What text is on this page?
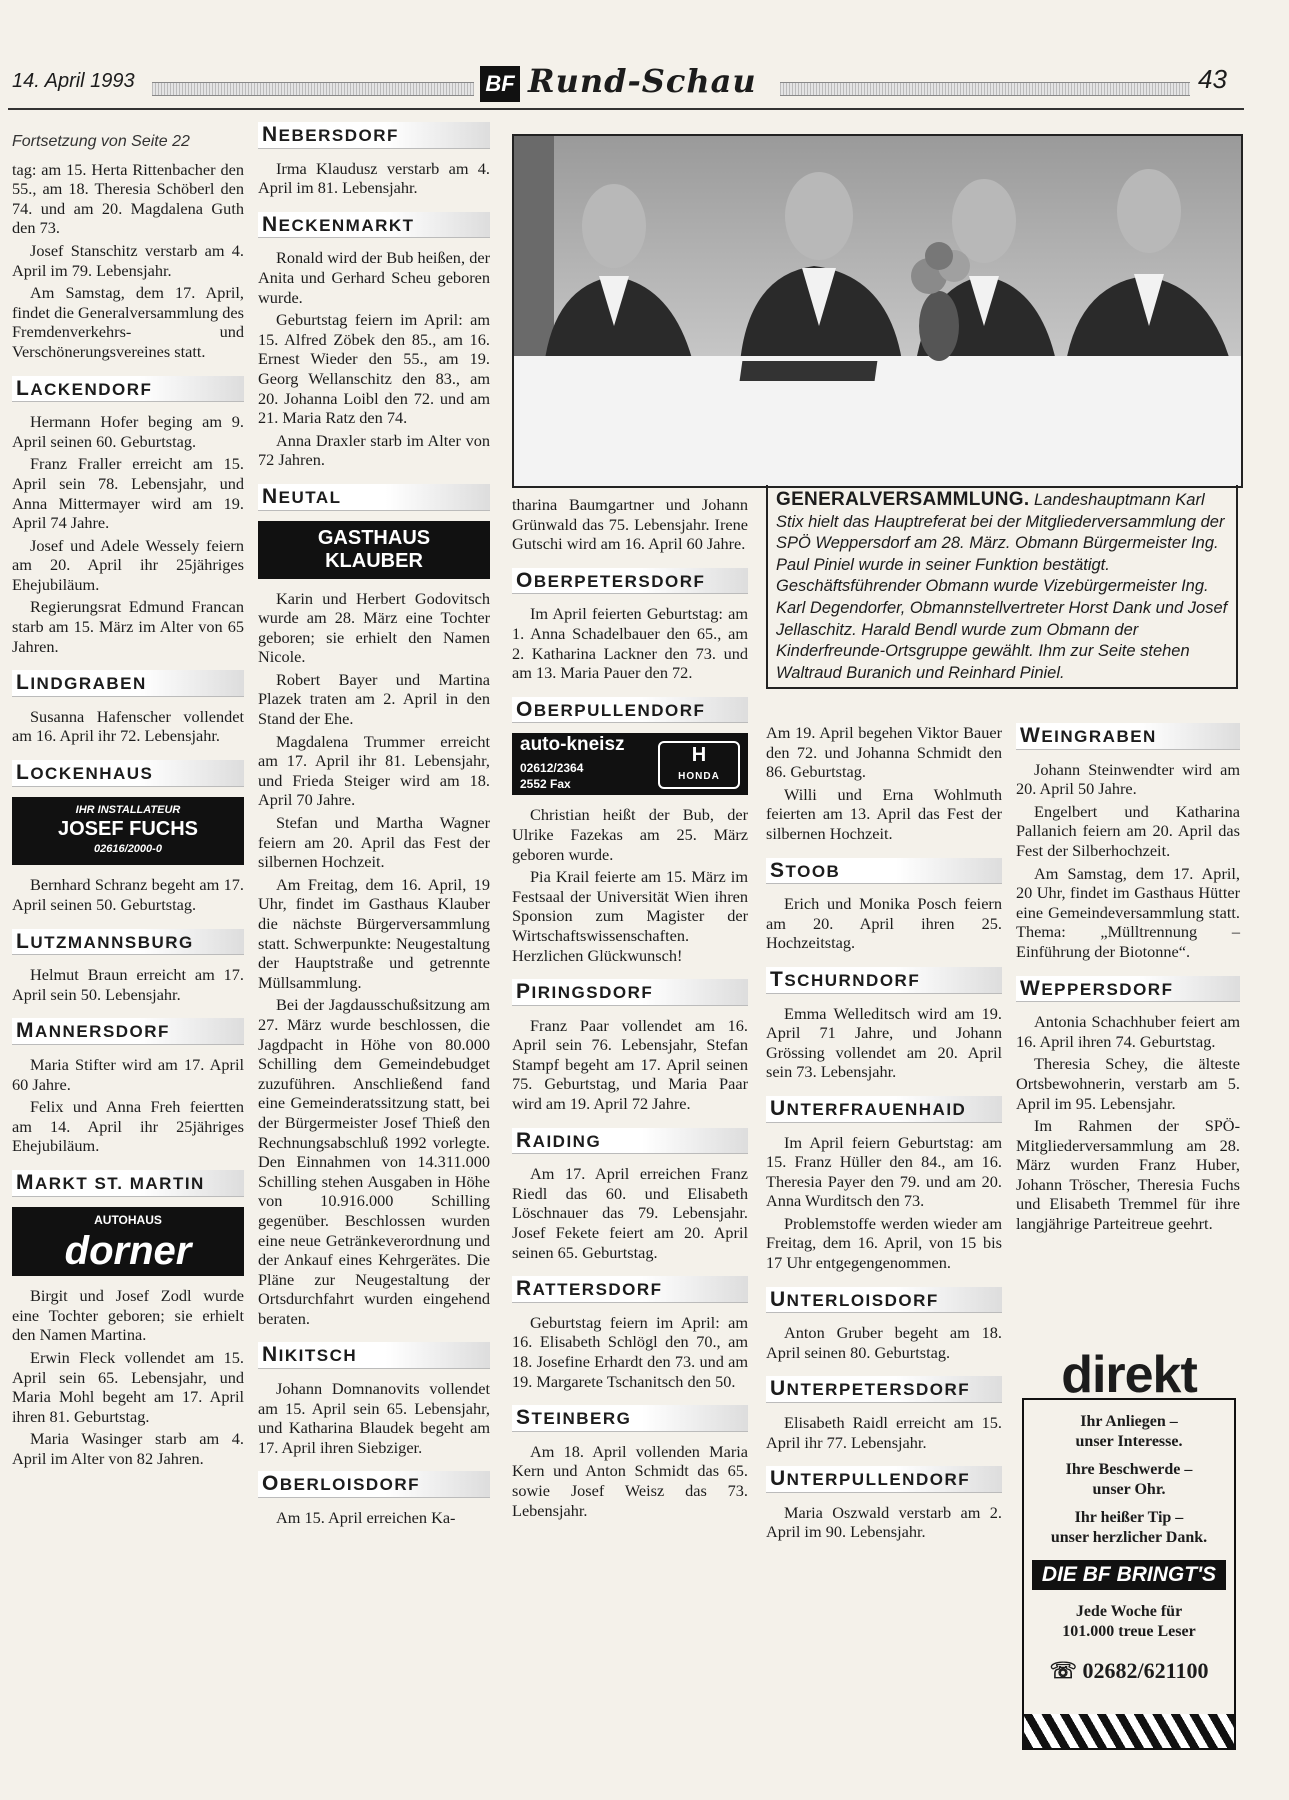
14. April 1993	BF Rund-Schau	43
Fortsetzung von Seite 22

tag: am 15. Herta Rittenbacher den 55., am 18. Theresia Schöberl den 74. und am 20. Magdalena Guth den 73.

Josef Stanschitz verstarb am 4. April im 79. Lebensjahr.

Am Samstag, dem 17. April, findet die Generalversammlung des Fremdenverkehrs- und Verschönerungsvereines statt.

LACKENDORF

Hermann Hofer beging am 9. April seinen 60. Geburtstag.

Franz Fraller erreicht am 15. April sein 78. Lebensjahr, und Anna Mittermayer wird am 19. April 74 Jahre.

Josef und Adele Wessely feiern am 20. April ihr 25jähriges Ehejubiläum.

Regierungsrat Edmund Francan starb am 15. März im Alter von 65 Jahren.

LINDGRABEN

Susanna Hafenscher vollendet am 16. April ihr 72. Lebensjahr.

LOCKENHAUS
IHR INSTALLATEUR
JOSEF FUCHS
02616/2000-0

Bernhard Schranz begeht am 17. April seinen 50. Geburtstag.

LUTZMANNSBURG

Helmut Braun erreicht am 17. April sein 50. Lebensjahr.

MANNERSDORF

Maria Stifter wird am 17. April 60 Jahre.

Felix und Anna Freh feiertten am 14. April ihr 25jähriges Ehejubiläum.

MARKT ST. MARTIN
AUTOHAUS
dorner

Birgit und Josef Zodl wurde eine Tochter geboren; sie erhielt den Namen Martina.

Erwin Fleck vollendet am 15. April sein 65. Lebensjahr, und Maria Mohl begeht am 17. April ihren 81. Geburtstag.

Maria Wasinger starb am 4. April im Alter von 82 Jahren.

NEBERSDORF

Irma Klaudusz verstarb am 4. April im 81. Lebensjahr.

NECKENMARKT

Ronald wird der Bub heißen, der Anita und Gerhard Scheu geboren wurde.

Geburtstag feiern im April: am 15. Alfred Zöbek den 85., am 16. Ernest Wieder den 55., am 19. Georg Wellanschitz den 83., am 20. Johanna Loibl den 72. und am 21. Maria Ratz den 74.

Anna Draxler starb im Alter von 72 Jahren.

NEUTAL
GASTHAUS
KLAUBER

Karin und Herbert Godovitsch wurde am 28. März eine Tochter geboren; sie erhielt den Namen Nicole.

Robert Bayer und Martina Plazek traten am 2. April in den Stand der Ehe.

Magdalena Trummer erreicht am 17. April ihr 81. Lebensjahr, und Frieda Steiger wird am 18. April 70 Jahre.

Stefan und Martha Wagner feiern am 20. April das Fest der silbernen Hochzeit.

Am Freitag, dem 16. April, 19 Uhr, findet im Gasthaus Klauber die nächste Bürgerversammlung statt. Schwerpunkte: Neugestaltung der Hauptstraße und getrennte Müllsammlung.

Bei der Jagdausschußsitzung am 27. März wurde beschlossen, die Jagdpacht in Höhe von 80.000 Schilling dem Gemeindebudget zuzuführen. Anschließend fand eine Gemeinderatssitzung statt, bei der Bürgermeister Josef Thieß den Rechnungsabschluß 1992 vorlegte. Den Einnahmen von 14.311.000 Schilling stehen Ausgaben in Höhe von 10.916.000 Schilling gegenüber. Beschlossen wurden eine neue Getränkeverordnung und der Ankauf eines Kehrgerätes. Die Pläne zur Neugestaltung der Ortsdurchfahrt wurden eingehend beraten.

NIKITSCH

Johann Domnanovits vollendet am 15. April sein 65. Lebensjahr, und Katharina Blaudek begeht am 17. April ihren Siebziger.

OBERLOISDORF

Am 15. April erreichen Ka-

GENERALVERSAMMLUNG. Landeshauptmann Karl Stix hielt das Hauptreferat bei der Mitgliederversammlung der SPÖ Weppersdorf am 28. März. Obmann Bürgermeister Ing. Paul Piniel wurde in seiner Funktion bestätigt. Geschäftsführender Obmann wurde Vizebürgermeister Ing. Karl Degendorfer, Obmannstellvertreter Horst Dank und Josef Jellaschitz. Harald Bendl wurde zum Obmann der Kinderfreunde-Ortsgruppe gewählt. Ihm zur Seite stehen Waltraud Buranich und Reinhard Piniel.

tharina Baumgartner und Johann Grünwald das 75. Lebensjahr. Irene Gutschi wird am 16. April 60 Jahre.

OBERPETERSDORF

Im April feierten Geburtstag: am 1. Anna Schadelbauer den 65., am 2. Katharina Lackner den 73. und am 13. Maria Pauer den 72.

OBERPULLENDORF
auto-kneisz
02612/2364
2552 Fax
H
HONDA

Christian heißt der Bub, der Ulrike Fazekas am 25. März geboren wurde.

Pia Krail feierte am 15. März im Festsaal der Universität Wien ihren Sponsion zum Magister der Wirtschaftswissenschaften. Herzlichen Glückwunsch!

PIRINGSDORF

Franz Paar vollendet am 16. April sein 76. Lebensjahr, Stefan Stampf begeht am 17. April seinen 75. Geburtstag, und Maria Paar wird am 19. April 72 Jahre.

RAIDING

Am 17. April erreichen Franz Riedl das 60. und Elisabeth Löschnauer das 79. Lebensjahr. Josef Fekete feiert am 20. April seinen 65. Geburtstag.

RATTERSDORF

Geburtstag feiern im April: am 16. Elisabeth Schlögl den 70., am 18. Josefine Erhardt den 73. und am 19. Margarete Tschanitsch den 50.

STEINBERG

Am 18. April vollenden Maria Kern und Anton Schmidt das 65. sowie Josef Weisz das 73. Lebensjahr.

Am 19. April begehen Viktor Bauer den 72. und Johanna Schmidt den 86. Geburtstag.

Willi und Erna Wohlmuth feierten am 13. April das Fest der silbernen Hochzeit.

STOOB

Erich und Monika Posch feiern am 20. April ihren 25. Hochzeitstag.

TSCHURNDORF

Emma Welleditsch wird am 19. April 71 Jahre, und Johann Grössing vollendet am 20. April sein 73. Lebensjahr.

UNTERFRAUENHAID

Im April feiern Geburtstag: am 15. Franz Hüller den 84., am 16. Theresia Payer den 79. und am 20. Anna Wurditsch den 73.

Problemstoffe werden wieder am Freitag, dem 16. April, von 15 bis 17 Uhr entgegengenommen.

UNTERLOISDORF

Anton Gruber begeht am 18. April seinen 80. Geburtstag.

UNTERPETERSDORF

Elisabeth Raidl erreicht am 15. April ihr 77. Lebensjahr.

UNTERPULLENDORF

Maria Oszwald verstarb am 2. April im 90. Lebensjahr.

WEINGRABEN

Johann Steinwendter wird am 20. April 50 Jahre.

Engelbert und Katharina Pallanich feiern am 20. April das Fest der Silberhochzeit.

Am Samstag, dem 17. April, 20 Uhr, findet im Gasthaus Hütter eine Gemeindeversammlung statt. Thema: „Mülltrennung – Einführung der Biotonne“.

WEPPERSDORF

Antonia Schachhuber feiert am 16. April ihren 74. Geburtstag.

Theresia Schey, die älteste Ortsbewohnerin, verstarb am 5. April im 95. Lebensjahr.

Im Rahmen der SPÖ-Mitgliederversammlung am 28. März wurden Franz Huber, Johann Tröscher, Theresia Fuchs und Elisabeth Tremmel für ihre langjährige Parteitreue geehrt.

direkt
Ihr Anliegen –
unser Interesse.
Ihre Beschwerde –
unser Ohr.
Ihr heißer Tip –
unser herzlicher Dank.
DIE BF BRINGT'S
Jede Woche für
101.000 treue Leser
☏ 02682/621100
